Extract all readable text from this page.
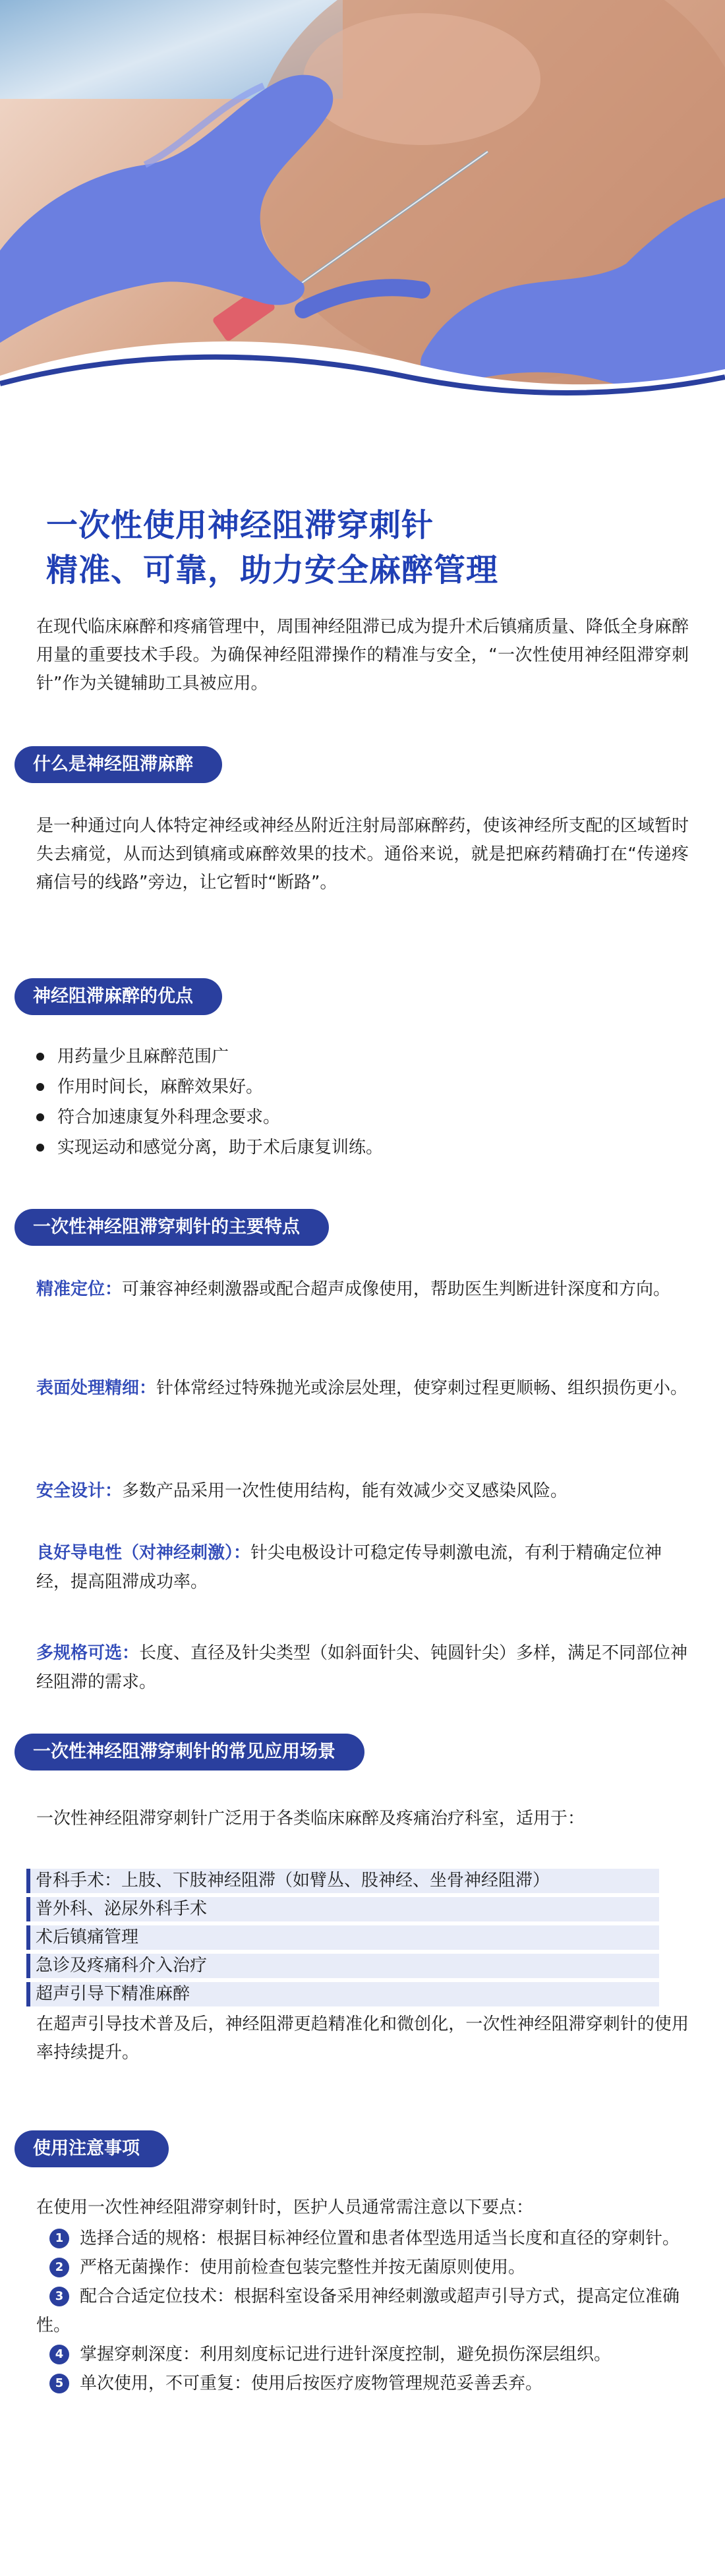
一次性使用神经阻滞穿刺针
精准、可靠，助力安全麻醉管理

在现代临床麻醉和疼痛管理中，周围神经阻滞已成为提升术后镇痛质量、降低全身麻醉用量的重要技术手段。为确保神经阻滞操作的精准与安全，“一次性使用神经阻滞穿刺针”作为关键辅助工具被应用。

什么是神经阻滞麻醉

是一种通过向人体特定神经或神经丛附近注射局部麻醉药，使该神经所支配的区域暂时失去痛觉，从而达到镇痛或麻醉效果的技术。通俗来说，就是把麻药精确打在“传递疼痛信号的线路”旁边，让它暂时“断路”。

神经阻滞麻醉的优点
用药量少且麻醉范围广
作用时间长，麻醉效果好。
符合加速康复外科理念要求。
实现运动和感觉分离，助于术后康复训练。
一次性神经阻滞穿刺针的主要特点

精准定位：可兼容神经刺激器或配合超声成像使用，帮助医生判断进针深度和方向。

表面处理精细：针体常经过特殊抛光或涂层处理，使穿刺过程更顺畅、组织损伤更小。

安全设计：多数产品采用一次性使用结构，能有效减少交叉感染风险。

良好导电性（对神经刺激）：针尖电极设计可稳定传导刺激电流，有利于精确定位神经，提高阻滞成功率。

多规格可选：长度、直径及针尖类型（如斜面针尖、钝圆针尖）多样，满足不同部位神经阻滞的需求。

一次性神经阻滞穿刺针的常见应用场景

一次性神经阻滞穿刺针广泛用于各类临床麻醉及疼痛治疗科室，适用于：

骨科手术：上肢、下肢神经阻滞（如臂丛、股神经、坐骨神经阻滞）
普外科、泌尿外科手术
术后镇痛管理
急诊及疼痛科介入治疗
超声引导下精准麻醉

在超声引导技术普及后，神经阻滞更趋精准化和微创化，一次性神经阻滞穿刺针的使用率持续提升。

使用注意事项

在使用一次性神经阻滞穿刺针时，医护人员通常需注意以下要点：

1 选择合适的规格：根据目标神经位置和患者体型选用适当长度和直径的穿刺针。
2 严格无菌操作：使用前检查包装完整性并按无菌原则使用。
3 配合合适定位技术：根据科室设备采用神经刺激或超声引导方式，提高定位准确性。
4 掌握穿刺深度：利用刻度标记进行进针深度控制，避免损伤深层组织。
5 单次使用，不可重复：使用后按医疗废物管理规范妥善丢弃。
